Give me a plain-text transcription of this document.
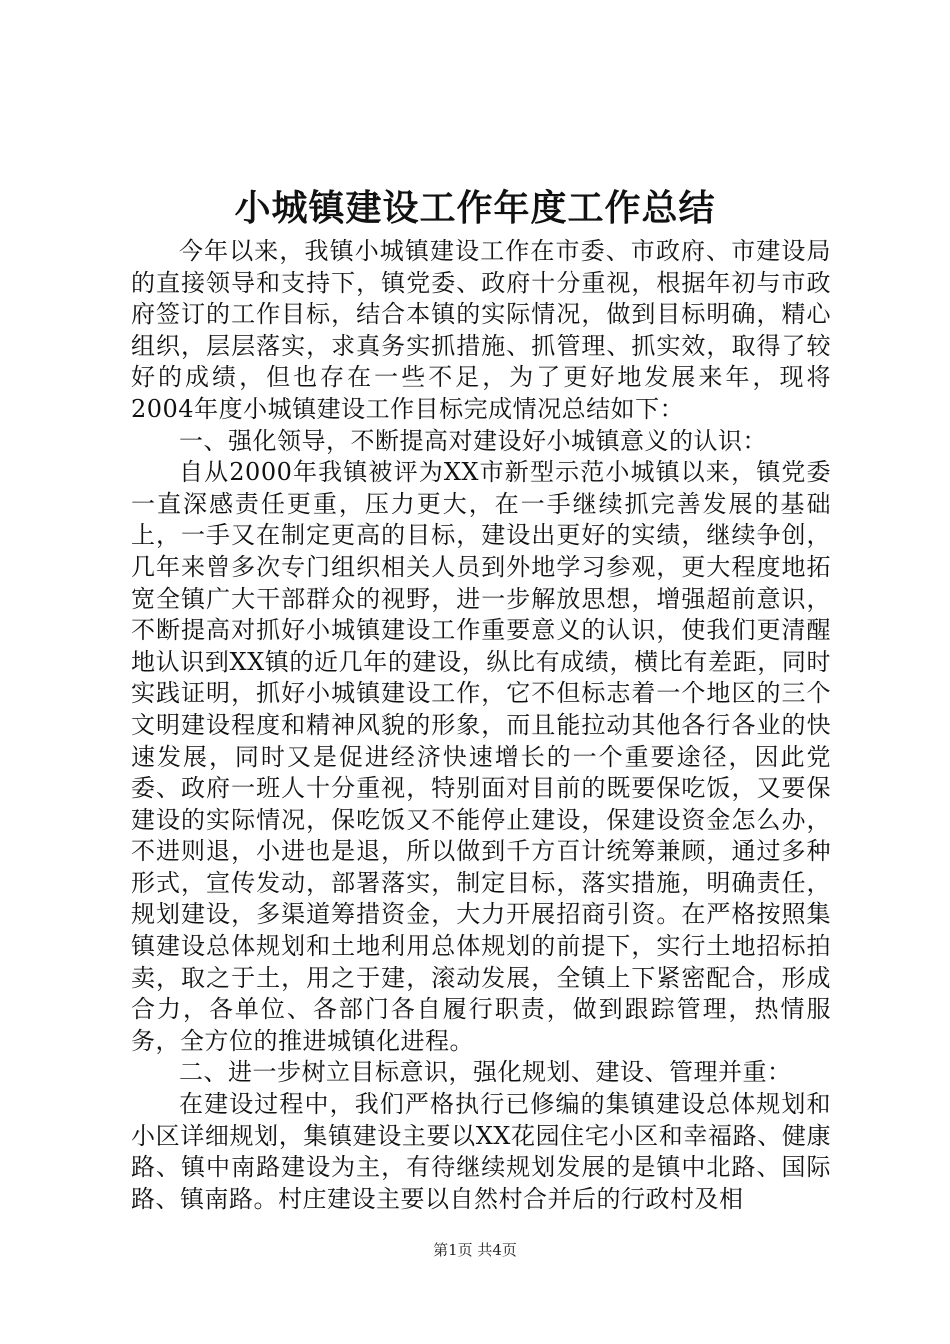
小城镇建设工作年度工作总结

今年以来，我镇小城镇建设工作在市委、市政府、市建设局的直接领导和支持下，镇党委、政府十分重视，根据年初与市政府签订的工作目标，结合本镇的实际情况，做到目标明确，精心组织，层层落实，求真务实抓措施、抓管理、抓实效，取得了较好的成绩，但也存在一些不足，为了更好地发展来年，现将2004年度小城镇建设工作目标完成情况总结如下：

一、强化领导，不断提高对建设好小城镇意义的认识：

自从2000年我镇被评为XX市新型示范小城镇以来，镇党委一直深感责任更重，压力更大，在一手继续抓完善发展的基础上，一手又在制定更高的目标，建设出更好的实绩，继续争创，几年来曾多次专门组织相关人员到外地学习参观，更大程度地拓宽全镇广大干部群众的视野，进一步解放思想，增强超前意识，不断提高对抓好小城镇建设工作重要意义的认识，使我们更清醒地认识到XX镇的近几年的建设，纵比有成绩，横比有差距，同时实践证明，抓好小城镇建设工作，它不但标志着一个地区的三个文明建设程度和精神风貌的形象，而且能拉动其他各行各业的快速发展，同时又是促进经济快速增长的一个重要途径，因此党委、政府一班人十分重视，特别面对目前的既要保吃饭，又要保建设的实际情况，保吃饭又不能停止建设，保建设资金怎么办，不进则退，小进也是退，所以做到千方百计统筹兼顾，通过多种形式，宣传发动，部署落实，制定目标，落实措施，明确责任，规划建设，多渠道筹措资金，大力开展招商引资。在严格按照集镇建设总体规划和土地利用总体规划的前提下，实行土地招标拍卖，取之于土，用之于建，滚动发展，全镇上下紧密配合，形成合力，各单位、各部门各自履行职责，做到跟踪管理，热情服务，全方位的推进城镇化进程。

二、进一步树立目标意识，强化规划、建设、管理并重：

在建设过程中，我们严格执行已修编的集镇建设总体规划和小区详细规划，集镇建设主要以XX花园住宅小区和幸福路、健康路、镇中南路建设为主，有待继续规划发展的是镇中北路、国际路、镇南路。村庄建设主要以自然村合并后的行政村及相

第1页 共4页
